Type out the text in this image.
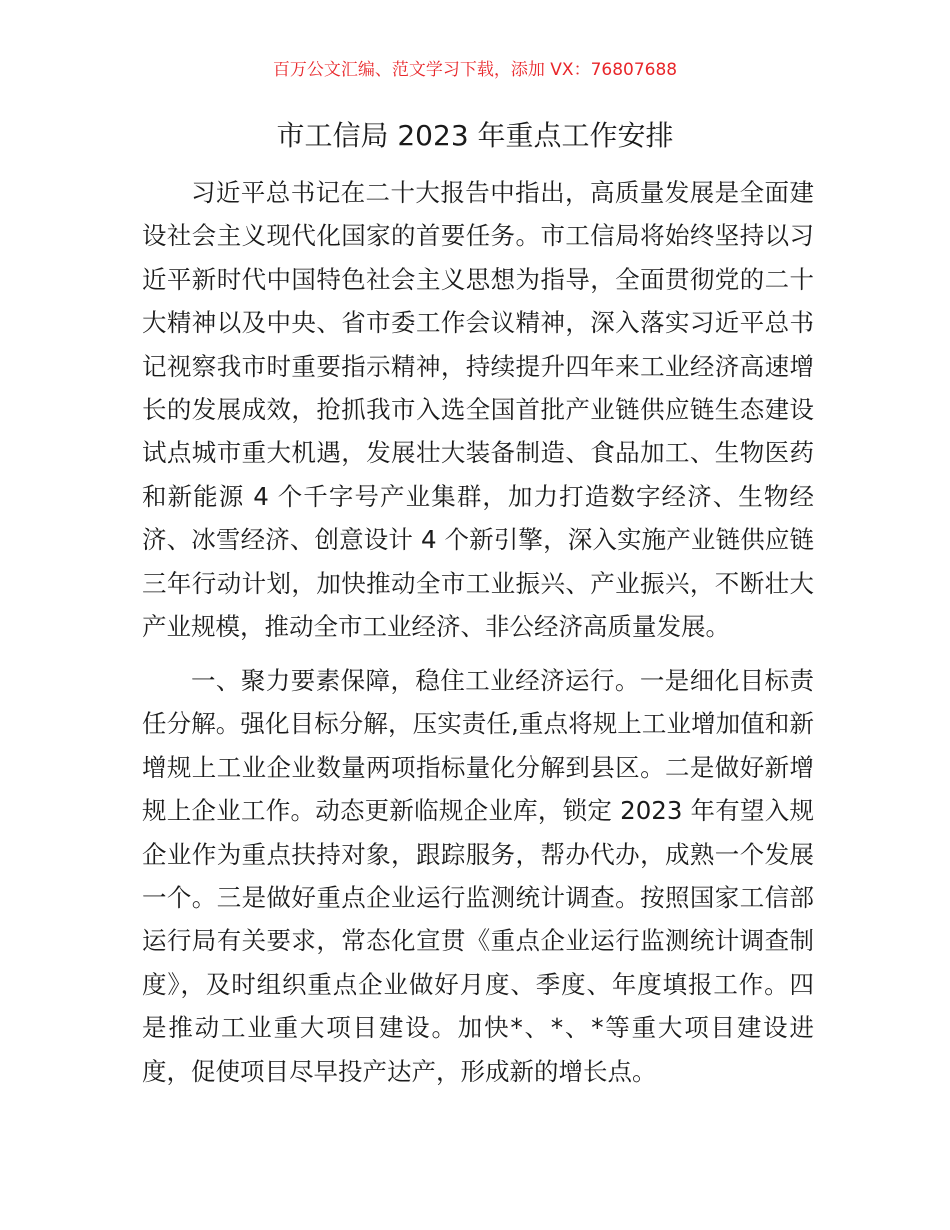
百万公文汇编、范文学习下载，添加 VX：76807688
市工信局 2023 年重点工作安排

习近平总书记在二十大报告中指出，高质量发展是全面建设社会主义现代化国家的首要任务。市工信局将始终坚持以习近平新时代中国特色社会主义思想为指导，全面贯彻党的二十大精神以及中央、省市委工作会议精神，深入落实习近平总书记视察我市时重要指示精神，持续提升四年来工业经济高速增长的发展成效，抢抓我市入选全国首批产业链供应链生态建设试点城市重大机遇，发展壮大装备制造、食品加工、生物医药和新能源 4 个千字号产业集群，加力打造数字经济、生物经济、冰雪经济、创意设计 4 个新引擎，深入实施产业链供应链三年行动计划，加快推动全市工业振兴、产业振兴，不断壮大产业规模，推动全市工业经济、非公经济高质量发展。

一、聚力要素保障，稳住工业经济运行。一是细化目标责任分解。强化目标分解，压实责任,重点将规上工业增加值和新增规上工业企业数量两项指标量化分解到县区。二是做好新增规上企业工作。动态更新临规企业库，锁定 2023 年有望入规企业作为重点扶持对象，跟踪服务，帮办代办，成熟一个发展一个。三是做好重点企业运行监测统计调查。按照国家工信部运行局有关要求，常态化宣贯《重点企业运行监测统计调查制度》，及时组织重点企业做好月度、季度、年度填报工作。四是推动工业重大项目建设。加快*、*、*等重大项目建设进度，促使项目尽早投产达产，形成新的增长点。
